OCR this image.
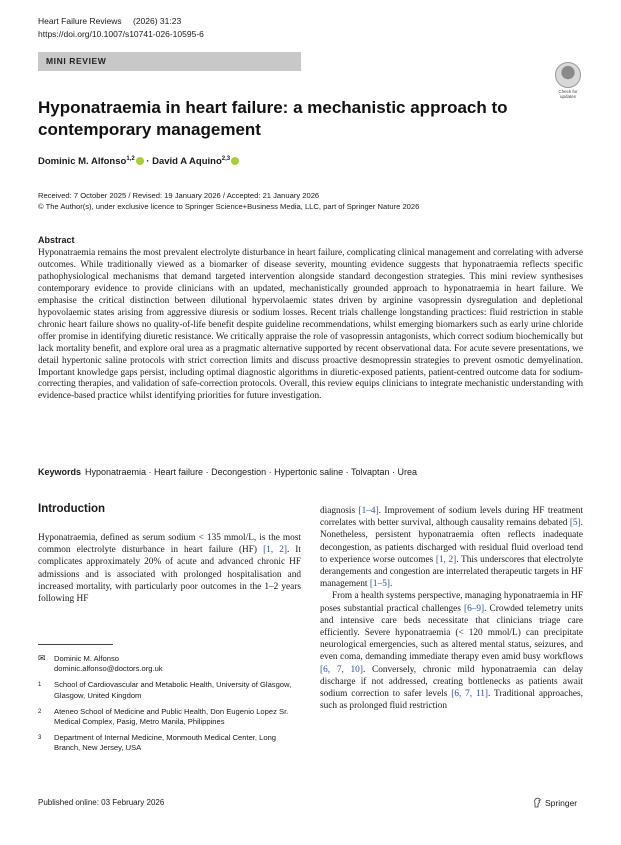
Heart Failure Reviews (2026) 31:23
https://doi.org/10.1007/s10741-026-10595-6
MINI REVIEW
Check for
updates
Hyponatraemia in heart failure: a mechanistic approach to contemporary management
Dominic M. Alfonso$^{1,2}$ · David A Aquino$^{2,3}$
Received: 7 October 2025 / Revised: 19 January 2026 / Accepted: 21 January 2026
© The Author(s), under exclusive licence to Springer Science+Business Media, LLC, part of Springer Nature 2026
Abstract
Hyponatraemia remains the most prevalent electrolyte disturbance in heart failure, complicating clinical management and correlating with adverse outcomes. While traditionally viewed as a biomarker of disease severity, mounting evidence suggests that hyponatraemia reflects specific pathophysiological mechanisms that demand targeted intervention alongside standard decongestion strategies. This mini review synthesises contemporary evidence to provide clinicians with an updated, mechanistically grounded approach to hyponatraemia in heart failure. We emphasise the critical distinction between dilutional hypervolaemic states driven by arginine vasopressin dysregulation and depletional hypovolaemic states arising from aggressive diuresis or sodium losses. Recent trials challenge longstanding practices: fluid restriction in stable chronic heart failure shows no quality-of-life benefit despite guideline recommendations, whilst emerging biomarkers such as early urine chloride offer promise in identifying diuretic resistance. We critically appraise the role of vasopressin antagonists, which correct sodium biochemically but lack mortality benefit, and explore oral urea as a pragmatic alternative supported by recent observational data. For acute severe presentations, we detail hypertonic saline protocols with strict correction limits and discuss proactive desmopressin strategies to prevent osmotic demyelination. Important knowledge gaps persist, including optimal diagnostic algorithms in diuretic-exposed patients, patient-centred outcome data for sodium-correcting therapies, and validation of safe-correction protocols. Overall, this review equips clinicians to integrate mechanistic understanding with evidence-based practice whilst identifying priorities for future investigation.
Keywords Hyponatraemia · Heart failure · Decongestion · Hypertonic saline · Tolvaptan · Urea
Introduction

Hyponatraemia, defined as serum sodium < 135 mmol/L, is the most common electrolyte disturbance in heart failure (HF) [1, 2]. It complicates approximately 20% of acute and advanced chronic HF admissions and is associated with prolonged hospitalisation and increased mortality, with particularly poor outcomes in the 1–2 years following HF

✉	Dominic M. Alfonso
dominic.alfonso@doctors.org.uk
1	School of Cardiovascular and Metabolic Health, University of Glasgow, Glasgow, United Kingdom
2	Ateneo School of Medicine and Public Health, Don Eugenio Lopez Sr. Medical Complex, Pasig, Metro Manila, Philippines
3	Department of Internal Medicine, Monmouth Medical Center, Long Branch, New Jersey, USA

diagnosis [1–4]. Improvement of sodium levels during HF treatment correlates with better survival, although causality remains debated [5]. Nonetheless, persistent hyponatraemia often reflects inadequate decongestion, as patients discharged with residual fluid overload tend to experience worse outcomes [1, 2]. This underscores that electrolyte derangements and congestion are interrelated therapeutic targets in HF management [1–5].

From a health systems perspective, managing hyponatraemia in HF poses substantial practical challenges [6–9]. Crowded telemetry units and intensive care beds necessitate that clinicians triage care efficiently. Severe hyponatraemia (< 120 mmol/L) can precipitate neurological emergencies, such as altered mental status, seizures, and even coma, demanding immediate therapy even amid busy workflows [6, 7, 10]. Conversely, chronic mild hyponatraemia can delay discharge if not addressed, creating bottlenecks as patients await sodium correction to safer levels [6, 7, 11]. Traditional approaches, such as prolonged fluid restriction

Published online: 03 February 2026	Springer
